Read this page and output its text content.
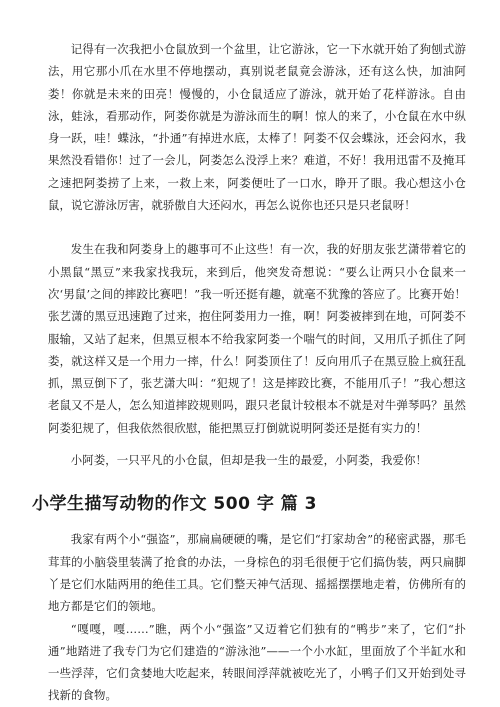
记得有一次我把小仓鼠放到一个盆里，让它游泳，它一下水就开始了狗刨式游法，用它那小爪在水里不停地摆动，真别说老鼠竟会游泳，还有这么快，加油阿娄！你就是未来的田亮！慢慢的，小仓鼠适应了游泳，就开始了花样游泳。自由泳，蛙泳，看那动作，阿娄你就是为游泳而生的啊！惊人的来了，小仓鼠在水中纵身一跃，哇！蝶泳，“扑通”有掉进水底，太棒了！阿娄不仅会蝶泳，还会闷水，我果然没看错你！过了一会儿，阿娄怎么没浮上来？难道，不好！我用迅雷不及掩耳之速把阿娄捞了上来，一救上来，阿娄便吐了一口水，睁开了眼。我心想这小仓鼠，说它游泳厉害，就骄傲自大还闷水，再怎么说你也还只是只老鼠呀！

发生在我和阿娄身上的趣事可不止这些！有一次，我的好朋友张艺潇带着它的小黑鼠“黑豆”来我家找我玩，来到后，他突发奇想说：“要么让两只小仓鼠来一次‘男鼠’之间的摔跤比赛吧！”我一听还挺有趣，就毫不犹豫的答应了。比赛开始！张艺潇的黑豆迅速跑了过来，抱住阿娄用力一推，啊！阿娄被摔到在地，可阿娄不服输，又站了起来，但黑豆根本不给我家阿娄一个喘气的时间，又用爪子抓住了阿娄，就这样又是一个用力一摔，什么！阿娄顶住了！反向用爪子在黑豆脸上疯狂乱抓，黑豆倒下了，张艺潇大叫：“犯规了！这是摔跤比赛，不能用爪子！”我心想这老鼠又不是人，怎么知道摔跤规则吗，跟只老鼠计较根本不就是对牛弹琴吗？虽然阿娄犯规了，但我依然很欣慰，能把黑豆打倒就说明阿娄还是挺有实力的！

小阿娄，一只平凡的小仓鼠，但却是我一生的最爱，小阿娄，我爱你！

小学生描写动物的作文 500 字 篇 3

我家有两个小“强盗”，那扁扁硬硬的嘴，是它们“打家劫舍”的秘密武器，那毛茸茸的小脑袋里装满了抢食的办法，一身棕色的羽毛很便于它们搞伪装，两只扁脚丫是它们水陆两用的绝佳工具。它们整天神气活现、摇摇摆摆地走着，仿佛所有的地方都是它们的领地。

“嘎嘎，嘎……”瞧，两个小“强盗”又迈着它们独有的“鸭步”来了，它们“扑通”地踏进了我专门为它们建造的“游泳池”——一个小水缸，里面放了个半缸水和一些浮萍，它们贪婪地大吃起来，转眼间浮萍就被吃光了，小鸭子们又开始到处寻找新的食物。
